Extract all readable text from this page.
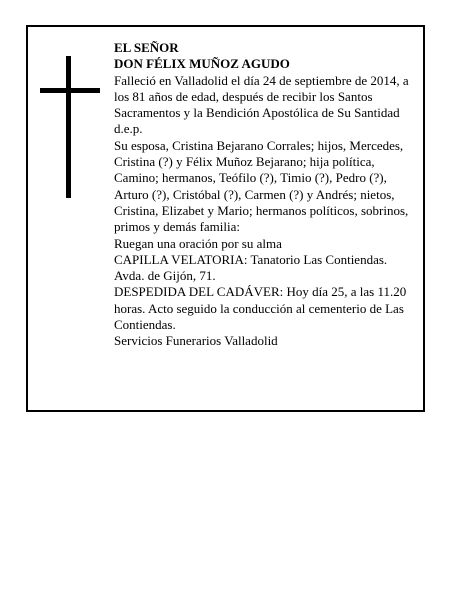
EL SEÑOR

DON FÉLIX MUÑOZ AGUDO

Falleció en Valladolid el día 24 de septiembre de 2014, a los 81 años de edad, después de recibir los Santos Sacramentos y la Bendición Apostólica de Su Santidad d.e.p.

Su esposa, Cristina Bejarano Corrales; hijos, Mercedes, Cristina (?) y Félix Muñoz Bejarano; hija política, Camino; hermanos, Teófilo (?), Timio (?), Pedro (?), Arturo (?), Cristóbal (?), Carmen (?) y Andrés; nietos, Cristina, Elizabet y Mario; hermanos políticos, sobrinos, primos y demás familia:

Ruegan una oración por su alma

CAPILLA VELATORIA: Tanatorio Las Contiendas. Avda. de Gijón, 71.

DESPEDIDA DEL CADÁVER: Hoy día 25, a las 11.20 horas. Acto seguido la conducción al cementerio de Las Contiendas.

Servicios Funerarios Valladolid
